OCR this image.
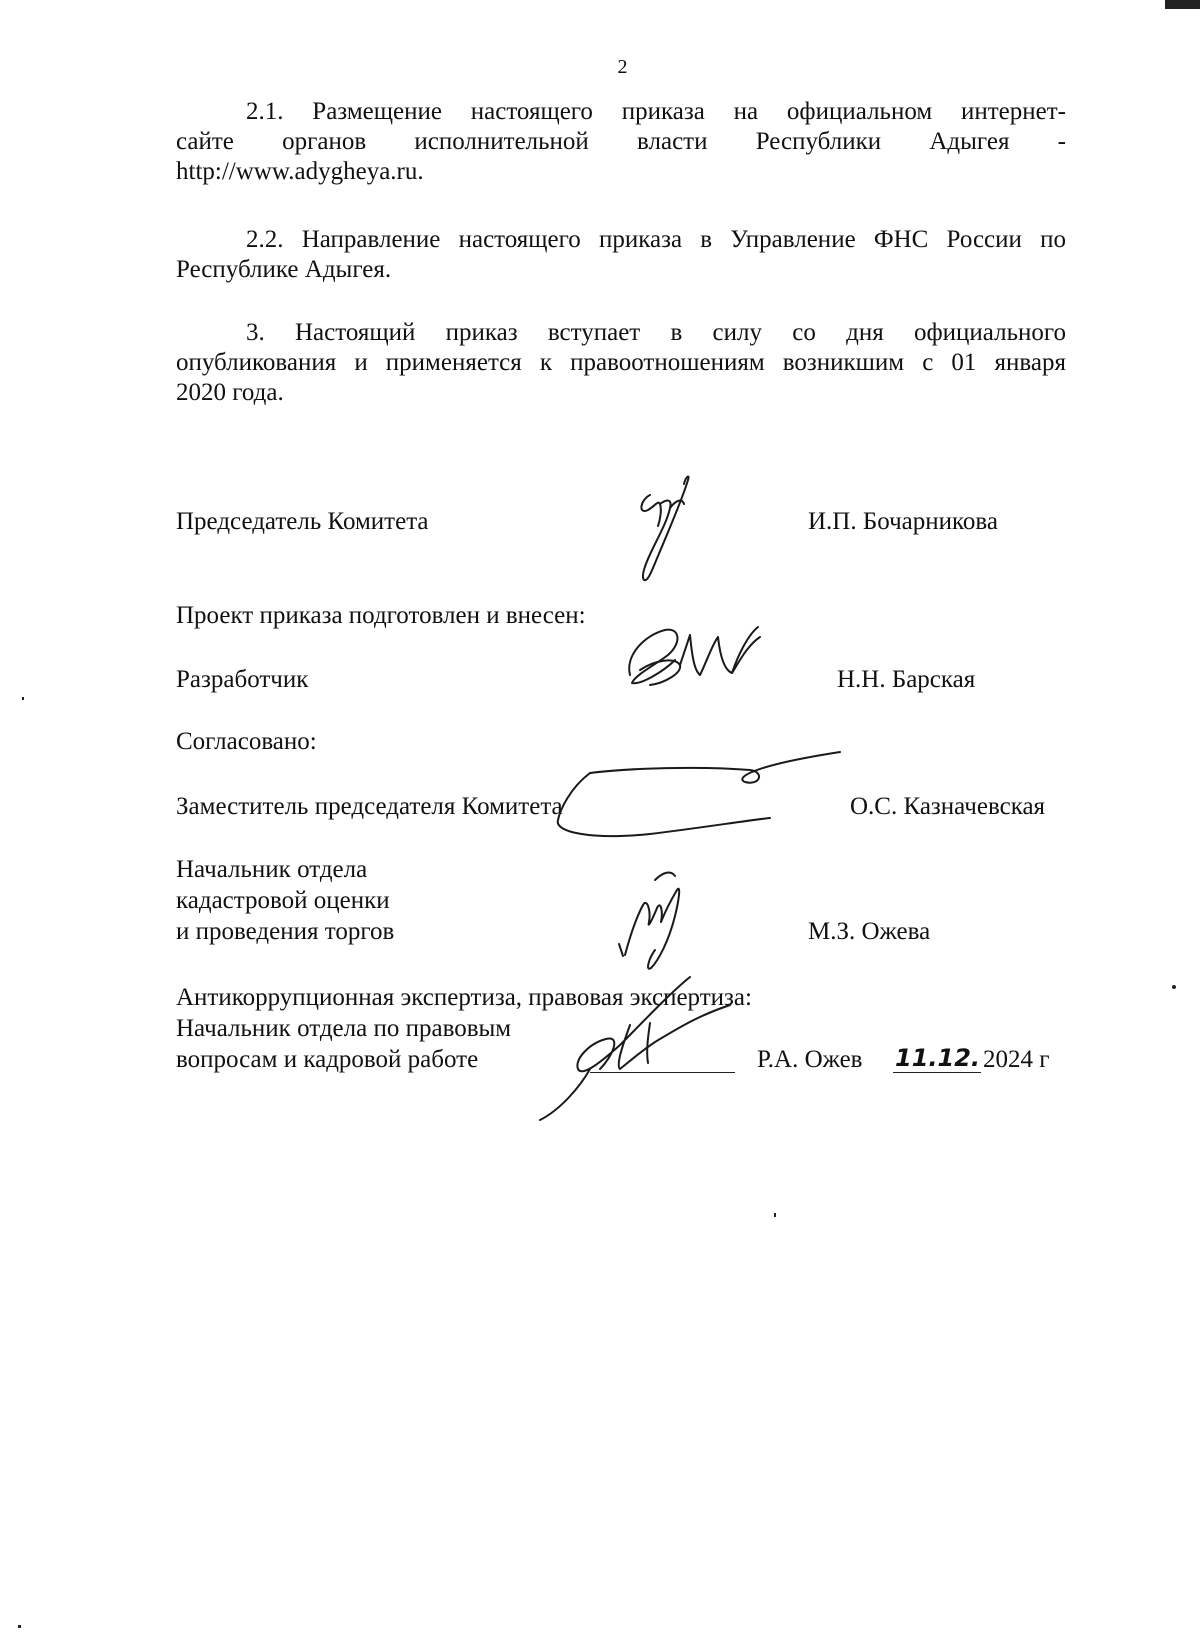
2
2.1. Размещение настоящего приказа на официальном интернет-
сайте органов исполнительной власти Республики Адыгея -
http://www.adygheya.ru.
2.2. Направление настоящего приказа в Управление ФНС России по
Республике Адыгея.
3. Настоящий приказ вступает в силу со дня официального
опубликования и применяется к правоотношениям возникшим с 01 января
2020 года.
Председатель Комитета	И.П. Бочарникова
Проект приказа подготовлен и внесен:
Разработчик	Н.Н. Барская
Согласовано:
Заместитель председателя Комитета	О.С. Казначевская
Начальник отдела
кадастровой оценки
и проведения торгов	М.З. Ожева
Антикоррупционная экспертиза, правовая экспертиза:
Начальник отдела по правовым
вопросам и кадровой работе	Р.А. Ожев 11.12. 2024 г
